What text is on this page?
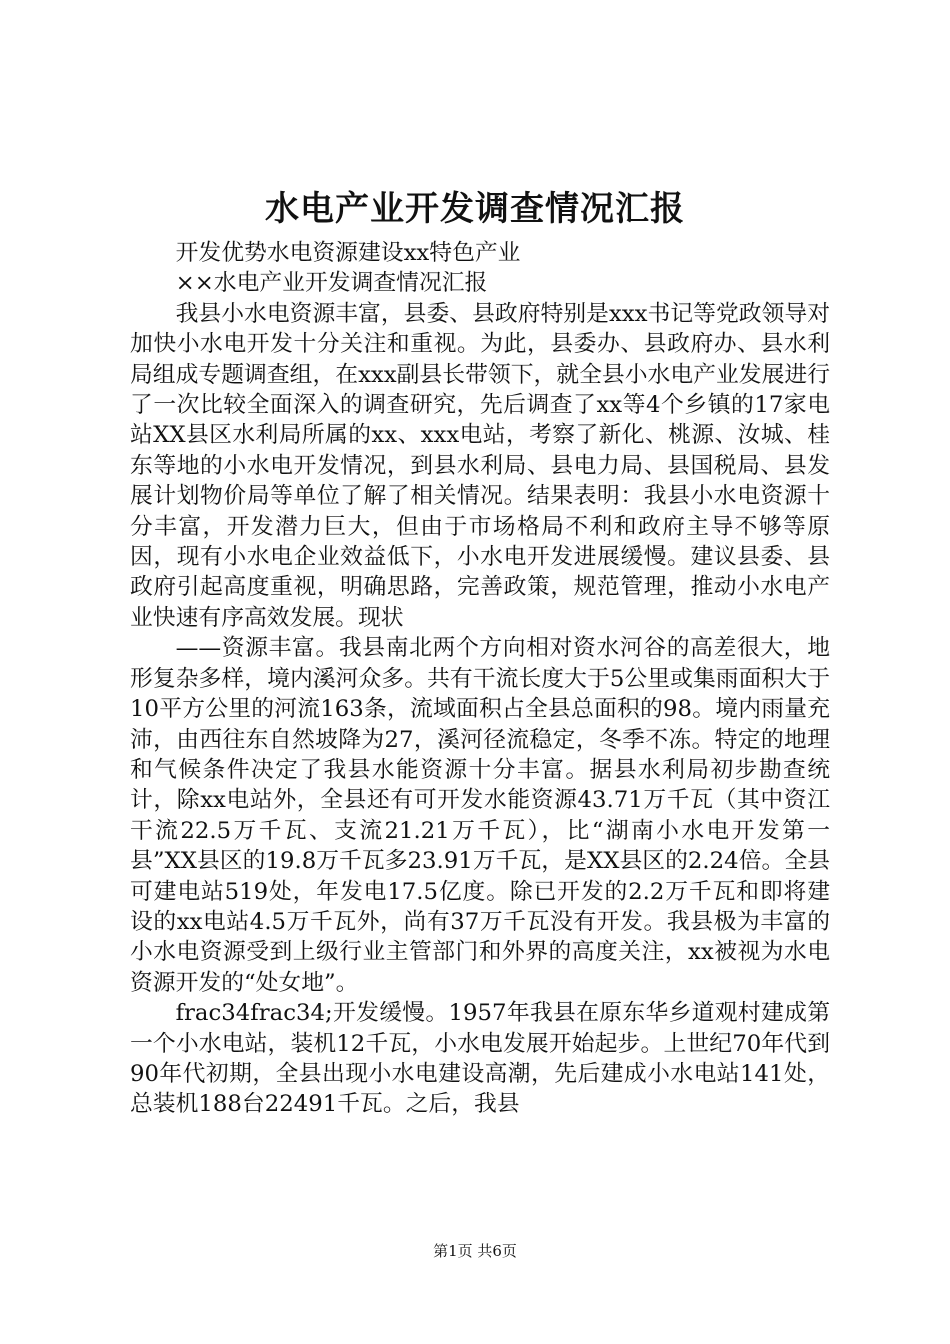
水电产业开发调查情况汇报

开发优势水电资源建设xx特色产业

××水电产业开发调查情况汇报

我县小水电资源丰富，县委、县政府特别是xxx书记等党政领导对加快小水电开发十分关注和重视。为此，县委办、县政府办、县水利局组成专题调查组，在xxx副县长带领下，就全县小水电产业发展进行了一次比较全面深入的调查研究，先后调查了xx等4个乡镇的17家电站XX县区水利局所属的xx、xxx电站，考察了新化、桃源、汝城、桂东等地的小水电开发情况，到县水利局、县电力局、县国税局、县发展计划物价局等单位了解了相关情况。结果表明：我县小水电资源十分丰富，开发潜力巨大，但由于市场格局不利和政府主导不够等原因，现有小水电企业效益低下，小水电开发进展缓慢。建议县委、县政府引起高度重视，明确思路，完善政策，规范管理，推动小水电产业快速有序高效发展。现状

——资源丰富。我县南北两个方向相对资水河谷的高差很大，地形复杂多样，境内溪河众多。共有干流长度大于5公里或集雨面积大于10平方公里的河流163条，流域面积占全县总面积的98。境内雨量充沛，由西往东自然坡降为27，溪河径流稳定，冬季不冻。特定的地理和气候条件决定了我县水能资源十分丰富。据县水利局初步勘查统计，除xx电站外，全县还有可开发水能资源43.71万千瓦（其中资江干流22.5万千瓦、支流21.21万千瓦），比“湖南小水电开发第一县”XX县区的19.8万千瓦多23.91万千瓦，是XX县区的2.24倍。全县可建电站519处，年发电17.5亿度。除已开发的2.2万千瓦和即将建设的xx电站4.5万千瓦外，尚有37万千瓦没有开发。我县极为丰富的小水电资源受到上级行业主管部门和外界的高度关注，xx被视为水电资源开发的“处女地”。

frac34frac34;开发缓慢。1957年我县在原东华乡道观村建成第一个小水电站，装机12千瓦，小水电发展开始起步。上世纪70年代到90年代初期，全县出现小水电建设高潮，先后建成小水电站141处，总装机188台22491千瓦。之后，我县

第1页 共6页
